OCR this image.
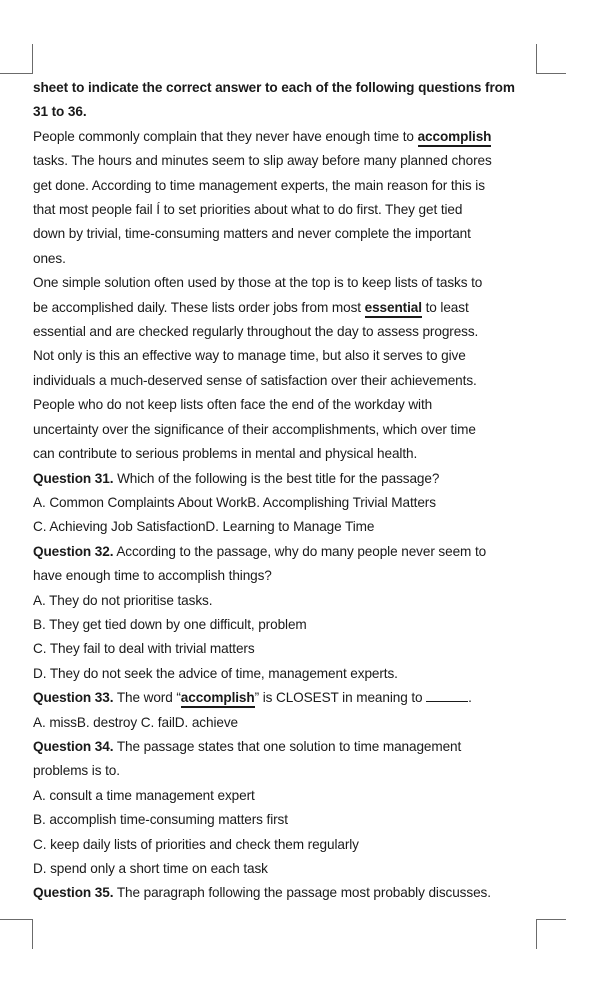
sheet to indicate the correct answer to each of the following questions from
31 to 36.
People commonly complain that they never have enough time to accomplish
tasks. The hours and minutes seem to slip away before many planned chores
get done. According to time management experts, the main reason for this is
that most people fail Í to set priorities about what to do first. They get tied
down by trivial, time-consuming matters and never complete the important
ones.
One simple solution often used by those at the top is to keep lists of tasks to
be accomplished daily. These lists order jobs from most essential to least
essential and are checked regularly throughout the day to assess progress.
Not only is this an effective way to manage time, but also it serves to give
individuals a much-deserved sense of satisfaction over their achievements.
People who do not keep lists often face the end of the workday with
uncertainty over the significance of their accomplishments, which over time
can contribute to serious problems in mental and physical health.
Question 31. Which of the following is the best title for the passage?
A. Common Complaints About WorkB. Accomplishing Trivial Matters
C. Achieving Job SatisfactionD. Learning to Manage Time
Question 32. According to the passage, why do many people never seem to
have enough time to accomplish things?
A. They do not prioritise tasks.
B. They get tied down by one difficult, problem
C. They fail to deal with trivial matters
D. They do not seek the advice of time, management experts.
Question 33. The word “accomplish” is CLOSEST in meaning to	.
A. missB. destroy C. failD. achieve
Question 34. The passage states that one solution to time management
problems is to.
A. consult a time management expert
B. accomplish time-consuming matters first
C. keep daily lists of priorities and check them regularly
D. spend only a short time on each task
Question 35. The paragraph following the passage most probably discusses.
